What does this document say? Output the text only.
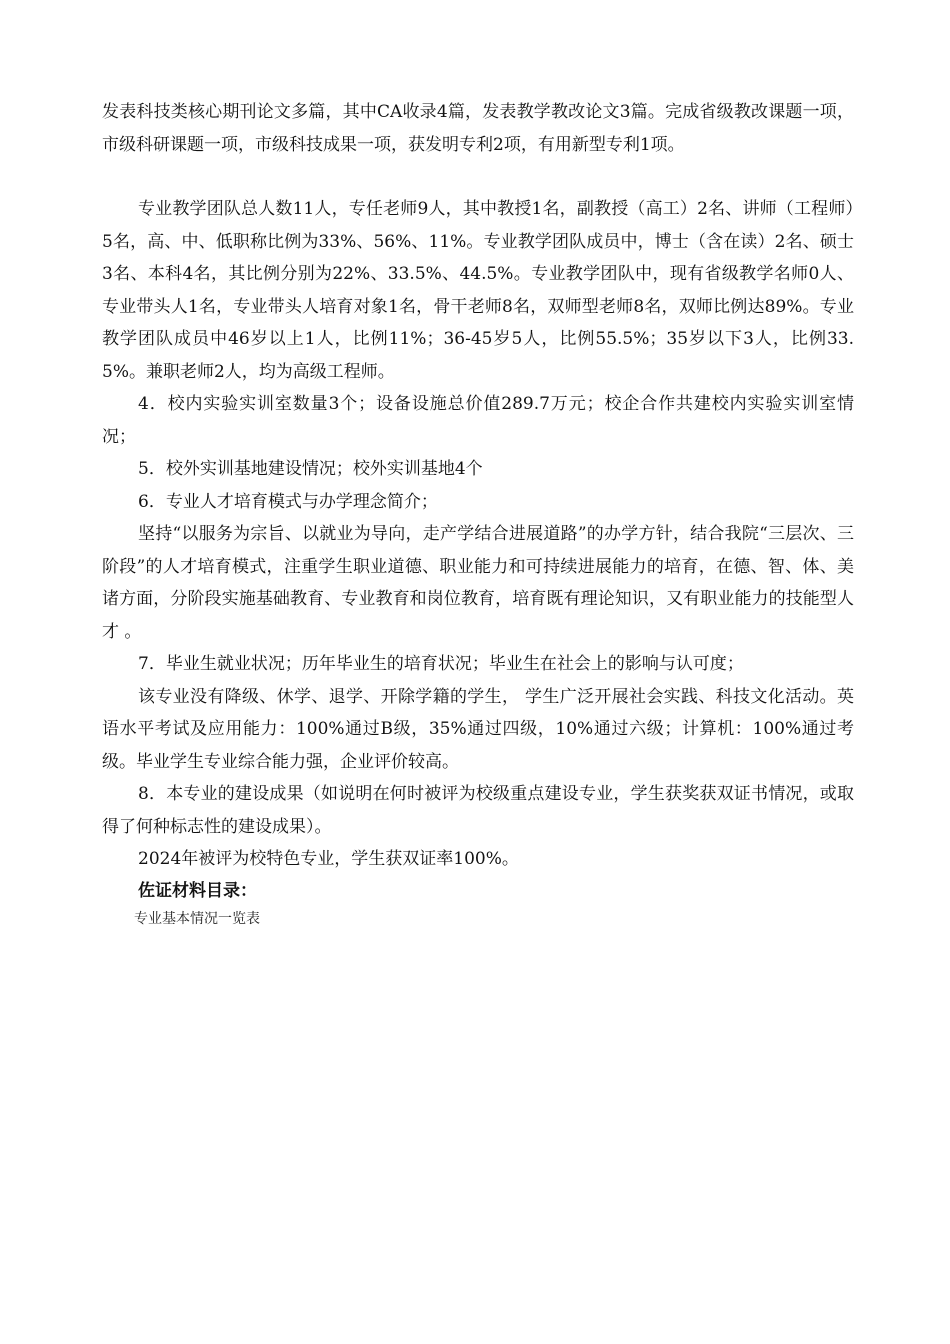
发表科技类核心期刊论文多篇，其中CA收录4篇，发表教学教改论文3篇。完成省级教改课题一项，市级科研课题一项，市级科技成果一项，获发明专利2项，有用新型专利1项。

专业教学团队总人数11人，专任老师9人，其中教授1名，副教授（高工）2名、讲师（工程师）5名，高、中、低职称比例为33%、56%、11%。专业教学团队成员中，博士（含在读）2名、硕士3名、本科4名，其比例分别为22%、33.5%、44.5%。专业教学团队中，现有省级教学名师0人、专业带头人1名，专业带头人培育对象1名，骨干老师8名，双师型老师8名，双师比例达89%。专业教学团队成员中46岁以上1人，比例11%；36-45岁5人，比例55.5%；35岁以下3人，比例33.5%。兼职老师2人，均为高级工程师。

4．校内实验实训室数量3个；设备设施总价值289.7万元；校企合作共建校内实验实训室情况；

5．校外实训基地建设情况；校外实训基地4个

6．专业人才培育模式与办学理念简介；

坚持“以服务为宗旨、以就业为导向，走产学结合进展道路”的办学方针，结合我院“三层次、三阶段”的人才培育模式，注重学生职业道德、职业能力和可持续进展能力的培育，在德、智、体、美诸方面，分阶段实施基础教育、专业教育和岗位教育，培育既有理论知识，又有职业能力的技能型人才 。

7．毕业生就业状况；历年毕业生的培育状况；毕业生在社会上的影响与认可度；

该专业没有降级、休学、退学、开除学籍的学生， 学生广泛开展社会实践、科技文化活动。英语水平考试及应用能力：100%通过B级，35%通过四级，10%通过六级；计算机：100%通过考级。毕业学生专业综合能力强，企业评价较高。

8．本专业的建设成果（如说明在何时被评为校级重点建设专业，学生获奖获双证书情况，或取得了何种标志性的建设成果）。

2024年被评为校特色专业，学生获双证率100%。

佐证材料目录：

专业基本情况一览表
